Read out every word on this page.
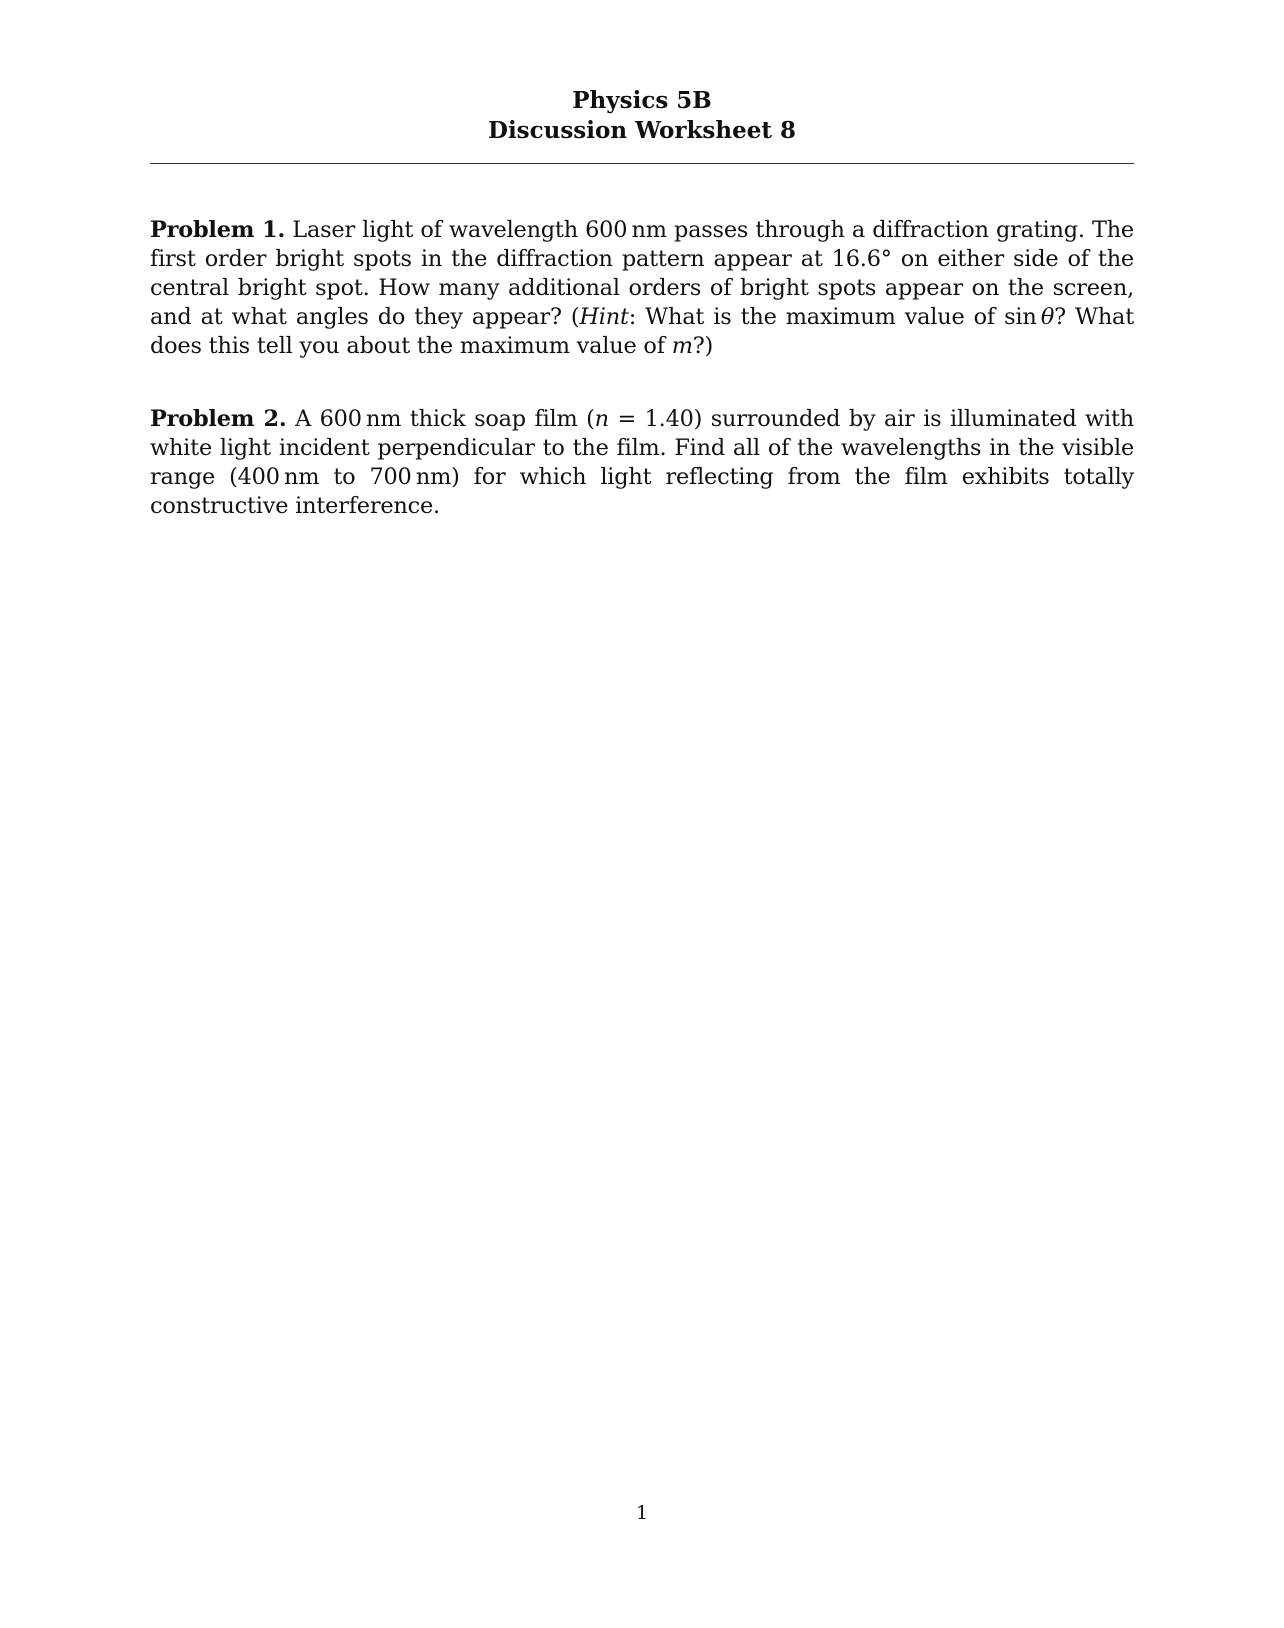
Physics 5B
Discussion Worksheet 8
Problem 1. Laser light of wavelength 600 nm passes through a diffraction grating. The first order bright spots in the diffraction pattern appear at 16.6° on either side of the central bright spot. How many additional orders of bright spots appear on the screen, and at what angles do they appear? (Hint: What is the maximum value of sin θ? What does this tell you about the maximum value of m?)
Problem 2. A 600 nm thick soap film (n = 1.40) surrounded by air is illuminated with white light incident perpendicular to the film. Find all of the wavelengths in the visible range (400 nm to 700 nm) for which light reflecting from the film exhibits totally constructive interference.
1
